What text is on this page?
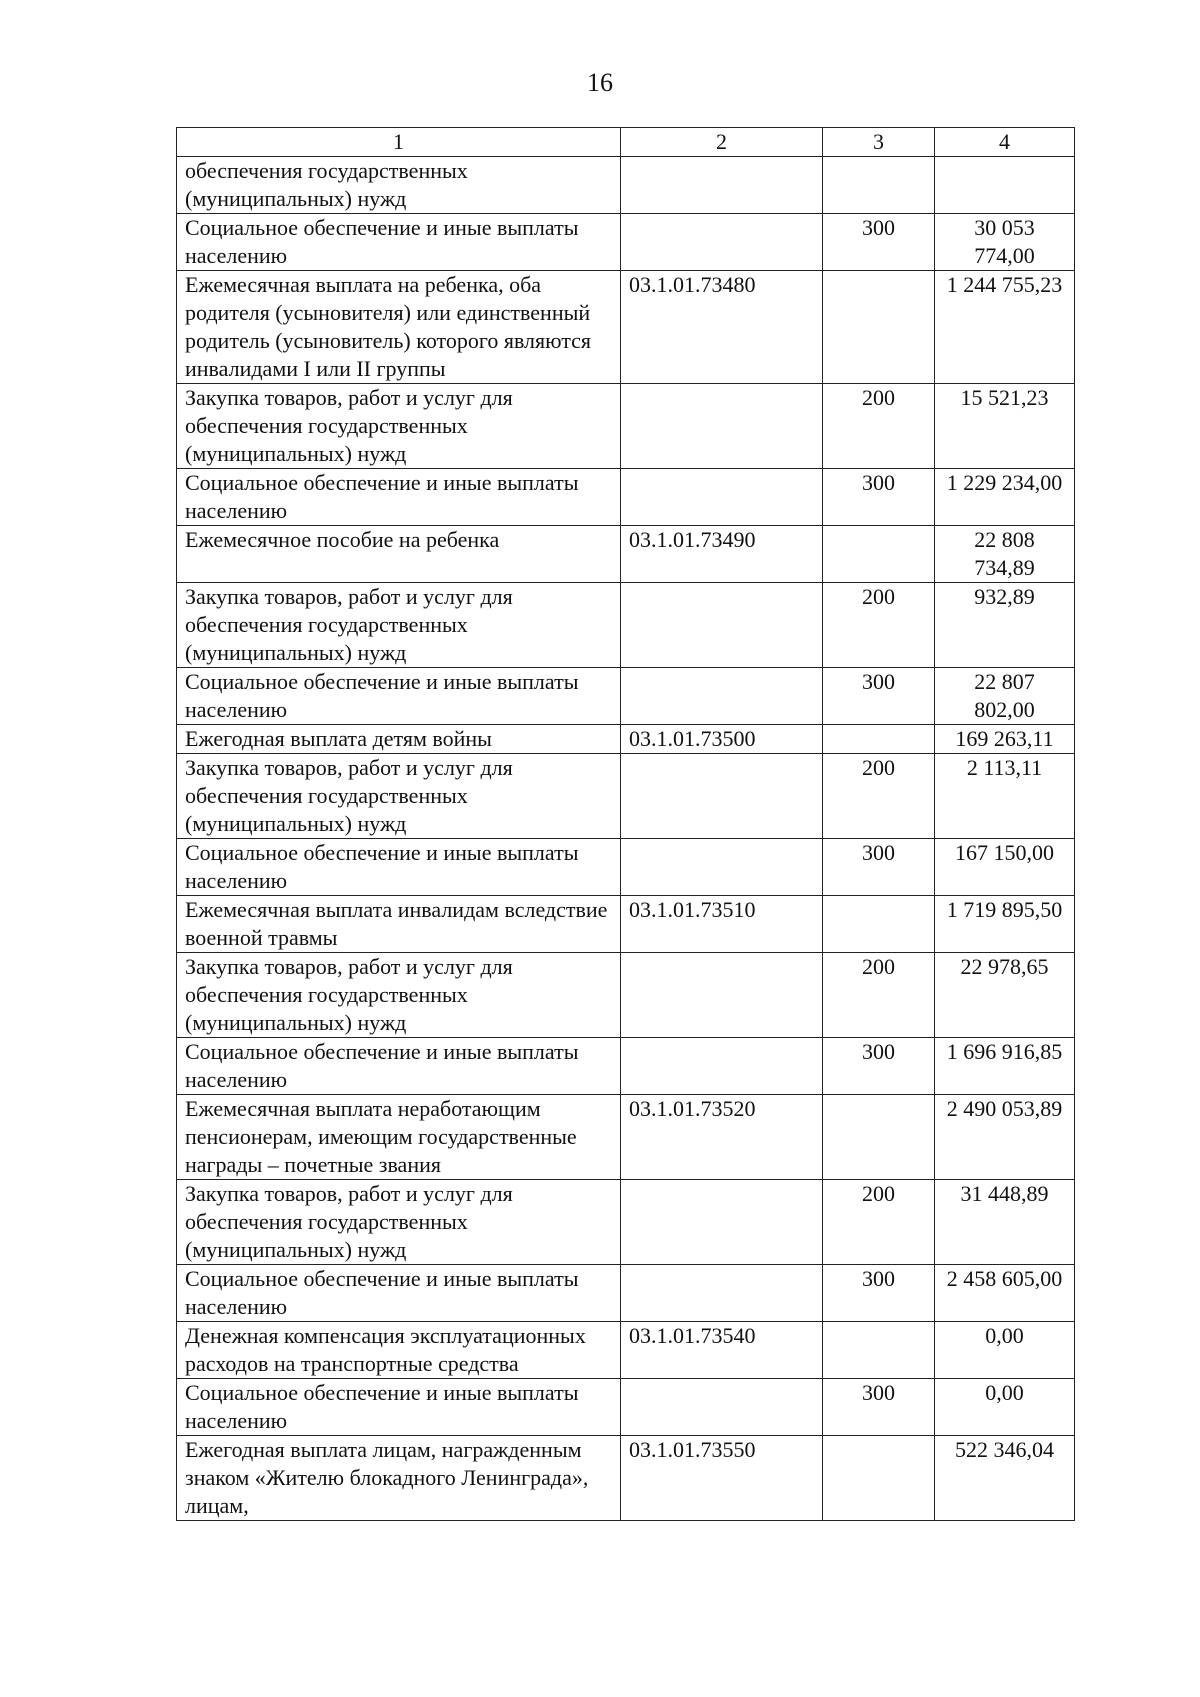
16
1	2	3	4
обеспечения государственных (муниципальных) нужд			
Социальное обеспечение и иные выплаты населению		300	30 053 774,00
Ежемесячная выплата на ребенка, оба родителя (усыновителя) или единственный родитель (усыновитель) которого являются инвалидами I или II группы	03.1.01.73480		1 244 755,23
Закупка товаров, работ и услуг для обеспечения государственных (муниципальных) нужд		200	15 521,23
Социальное обеспечение и иные выплаты населению		300	1 229 234,00
Ежемесячное пособие на ребенка	03.1.01.73490		22 808 734,89
Закупка товаров, работ и услуг для обеспечения государственных (муниципальных) нужд		200	932,89
Социальное обеспечение и иные выплаты населению		300	22 807 802,00
Ежегодная выплата детям войны	03.1.01.73500		169 263,11
Закупка товаров, работ и услуг для обеспечения государственных (муниципальных) нужд		200	2 113,11
Социальное обеспечение и иные выплаты населению		300	167 150,00
Ежемесячная выплата инвалидам вследствие военной травмы	03.1.01.73510		1 719 895,50
Закупка товаров, работ и услуг для обеспечения государственных (муниципальных) нужд		200	22 978,65
Социальное обеспечение и иные выплаты населению		300	1 696 916,85
Ежемесячная выплата неработающим пенсионерам, имеющим государственные награды – почетные звания	03.1.01.73520		2 490 053,89
Закупка товаров, работ и услуг для обеспечения государственных (муниципальных) нужд		200	31 448,89
Социальное обеспечение и иные выплаты населению		300	2 458 605,00
Денежная компенсация эксплуатационных расходов на транспортные средства	03.1.01.73540		0,00
Социальное обеспечение и иные выплаты населению		300	0,00
Ежегодная выплата лицам, награжденным знаком «Жителю блокадного Ленинграда», лицам,	03.1.01.73550		522 346,04
